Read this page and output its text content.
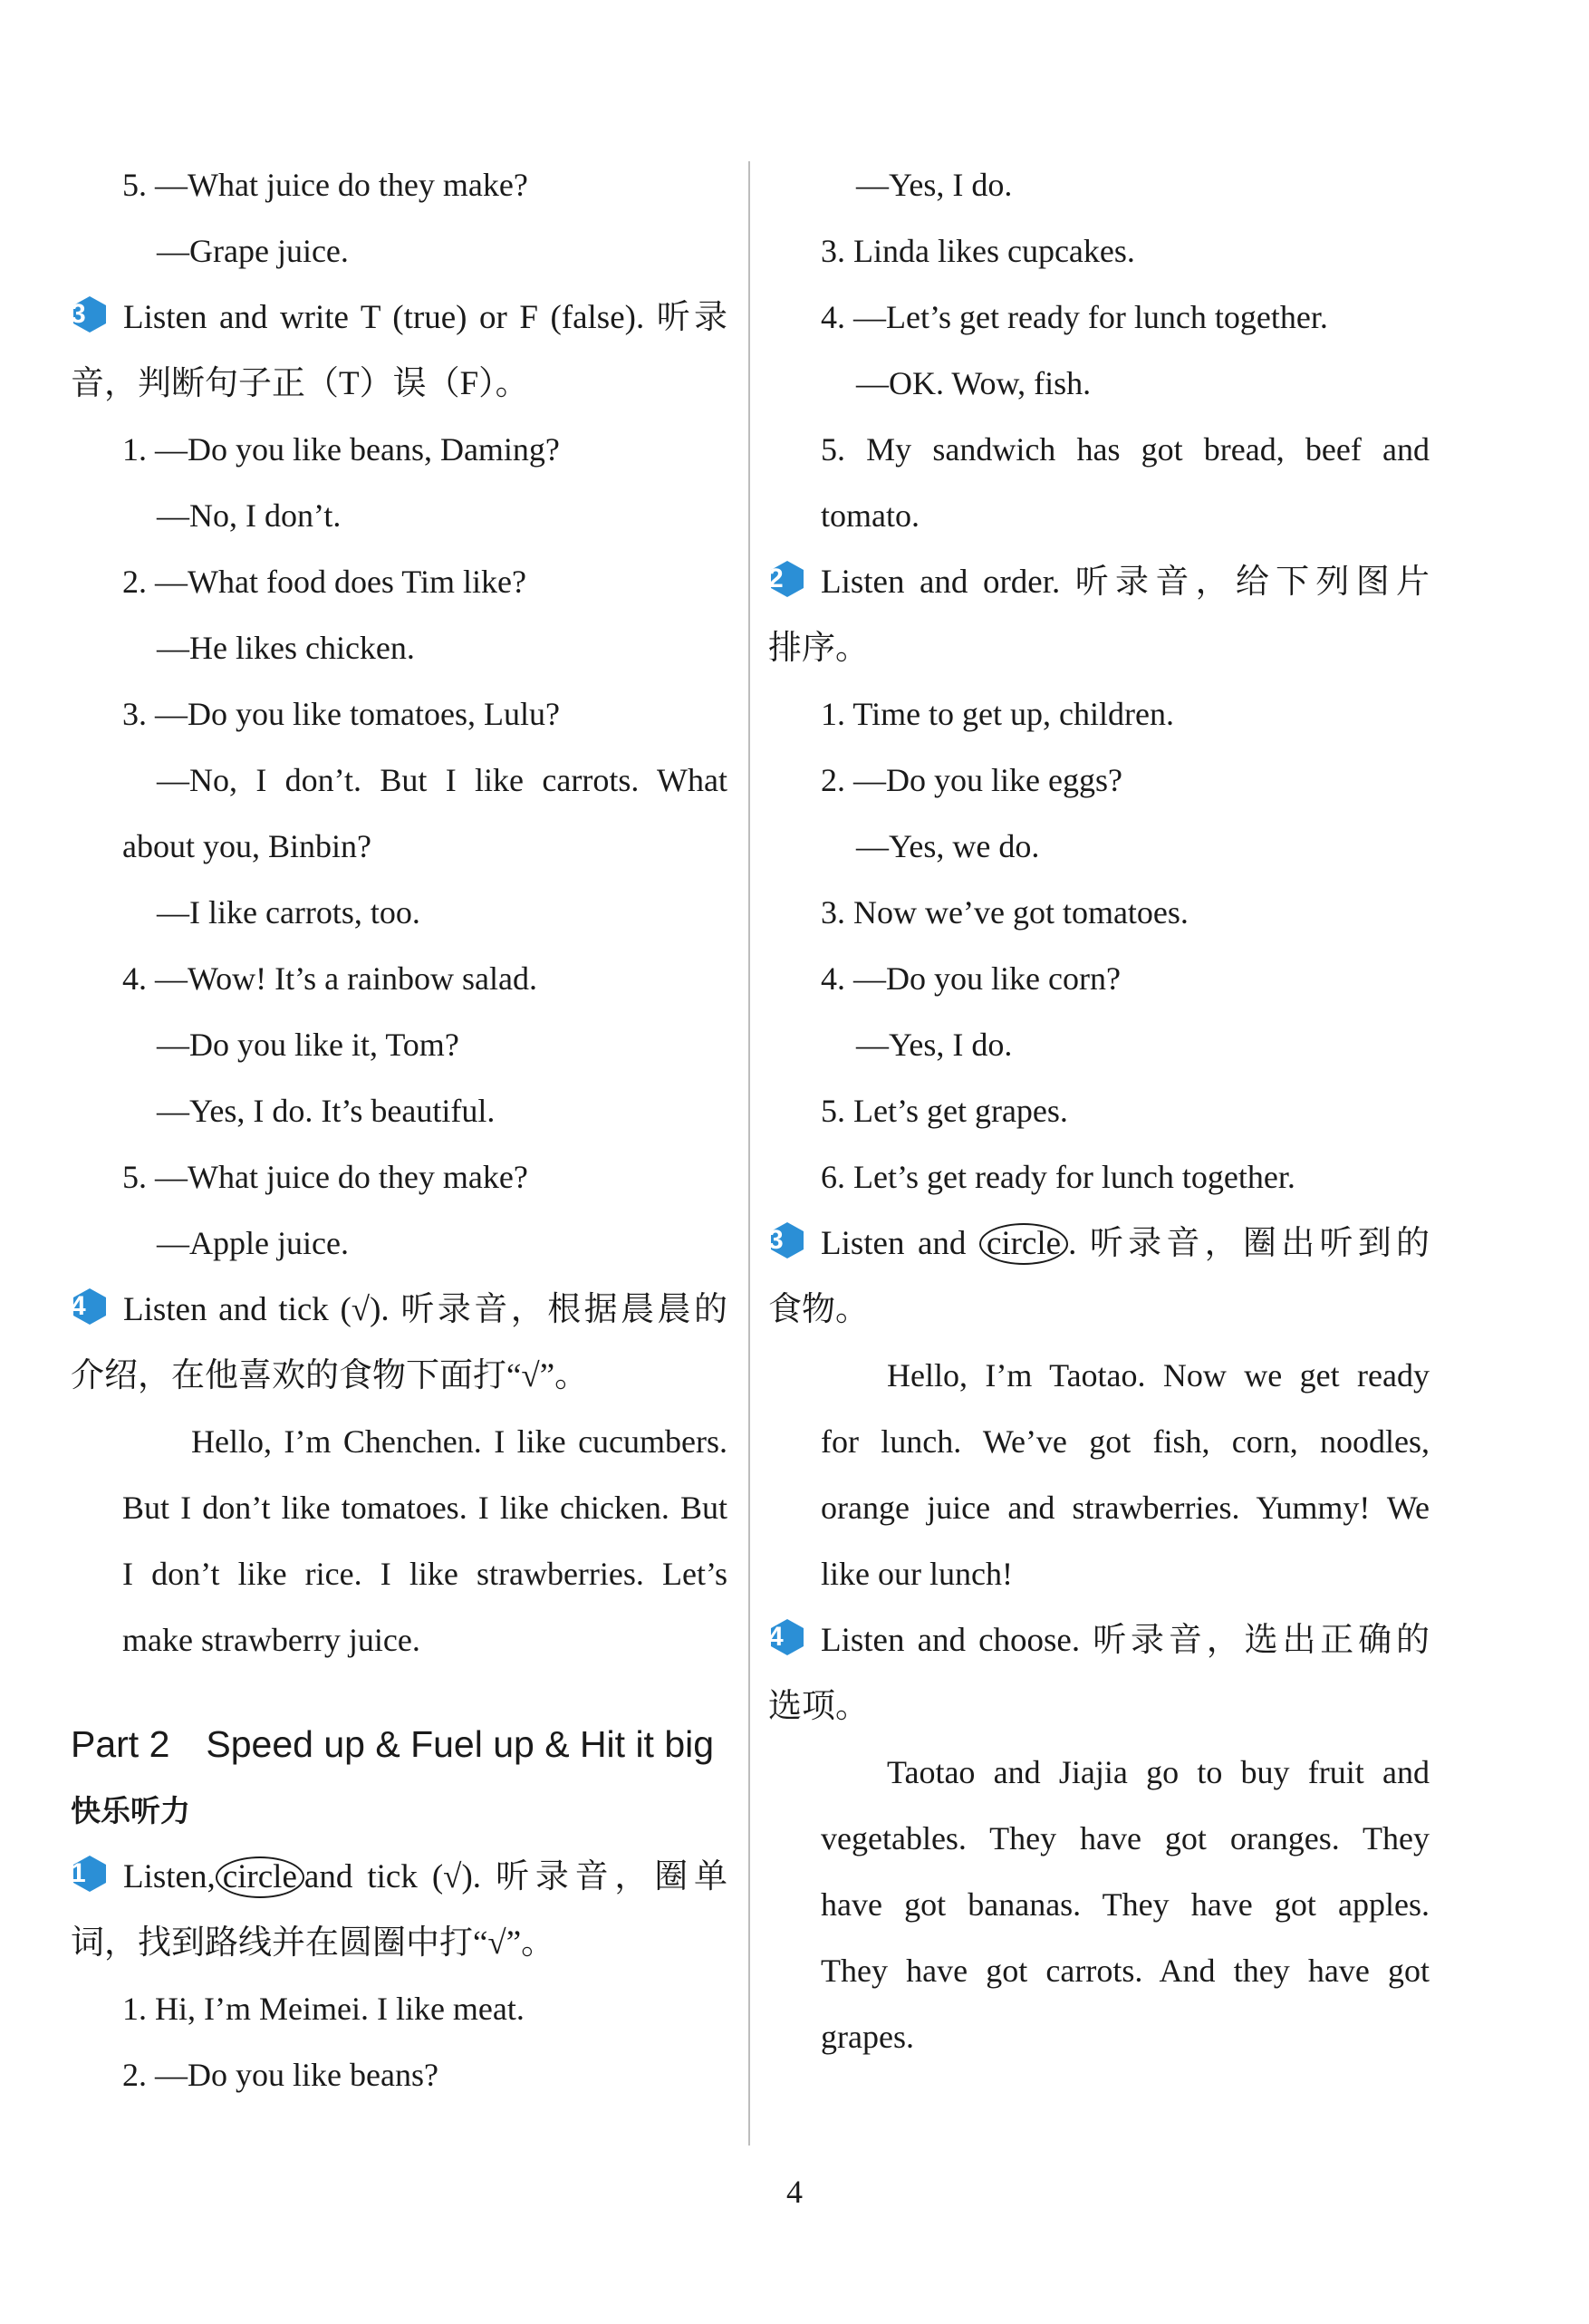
5. —What juice do they make?
—Grape juice.
3	Listen and write T (true) or F (false). 听录
音，判断句子正（T）误（F）。
1. —Do you like beans, Daming?
—No, I don’t.
2. —What food does Tim like?
—He likes chicken.
3. —Do you like tomatoes, Lulu?
—No, I don’t. But I like carrots. What
about you, Binbin?
—I like carrots, too.
4. —Wow! It’s a rainbow salad.
—Do you like it, Tom?
—Yes, I do. It’s beautiful.
5. —What juice do they make?
—Apple juice.
4	Listen and tick (√). 听录音，根据晨晨的
介绍，在他喜欢的食物下面打“√”。
Hello, I’m Chenchen. I like cucumbers.
But I don’t like tomatoes. I like chicken. But
I don’t like rice. I like strawberries. Let’s
make strawberry juice.
Part 2 Speed up & Fuel up & Hit it big
快乐听力
1	Listen, circle and tick (√). 听录音，圈单
词，找到路线并在圆圈中打“√”。
1. Hi, I’m Meimei. I like meat.
2. —Do you like beans?
—Yes, I do.
3. Linda likes cupcakes.
4. —Let’s get ready for lunch together.
—OK. Wow, fish.
5. My sandwich has got bread, beef and
tomato.
2	Listen and order. 听录音，给下列图片
排序。
1. Time to get up, children.
2. —Do you like eggs?
—Yes, we do.
3. Now we’ve got tomatoes.
4. —Do you like corn?
—Yes, I do.
5. Let’s get grapes.
6. Let’s get ready for lunch together.
3	Listen and circle . 听录音，圈出听到的
食物。
Hello, I’m Taotao. Now we get ready
for lunch. We’ve got fish, corn, noodles,
orange juice and strawberries. Yummy! We
like our lunch!
4	Listen and choose. 听录音，选出正确的
选项。
Taotao and Jiajia go to buy fruit and
vegetables. They have got oranges. They
have got bananas. They have got apples.
They have got carrots. And they have got
grapes.
4
